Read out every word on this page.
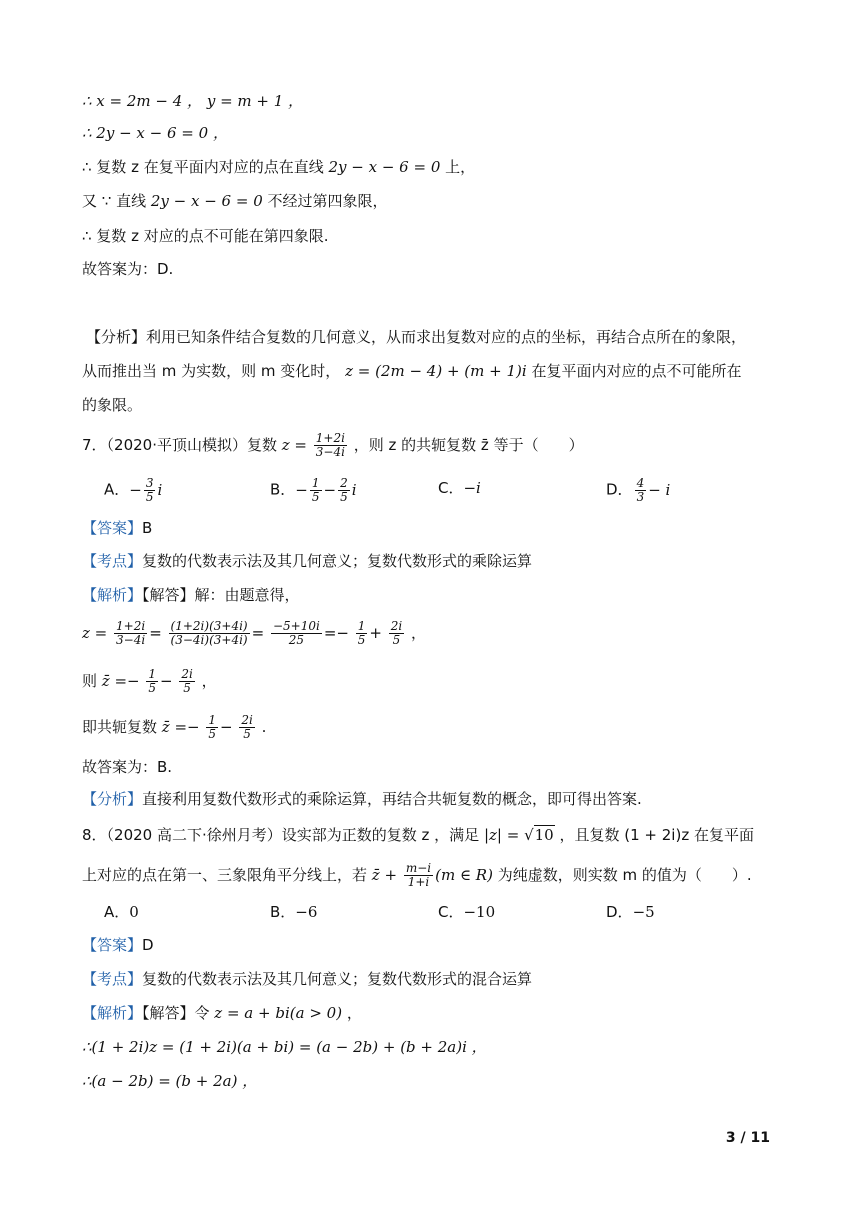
∴ x = 2m − 4 ， y = m + 1 ，
∴ 2y − x − 6 = 0 ，
∴ 复数 z 在复平面内对应的点在直线 2y − x − 6 = 0 上，
又 ∵ 直线 2y − x − 6 = 0 不经过第四象限，
∴ 复数 z 对应的点不可能在第四象限.
故答案为：D.
【分析】利用已知条件结合复数的几何意义，从而求出复数对应的点的坐标，再结合点所在的象限，
从而推出当 m 为实数，则 m 变化时， z = (2m − 4) + (m + 1)i 在复平面内对应的点不可能所在
的象限。
7．（2020·平顶山模拟）复数 $z = \frac{1+2i}{3-4i}$ ，则 z 的共轭复数 z̄ 等于（　　）
A．− $\frac{3}{5}$ i	B．− $\frac{1}{5} - \frac{2}{5}$ i	C．−i	D． $\frac{4}{3} - i$
【答案】B
【考点】复数的代数表示法及其几何意义；复数代数形式的乘除运算
【解析】【解答】解：由题意得，
$z = \frac{1+2i}{3-4i} = \frac{(1+2i)(3+4i)}{(3-4i)(3+4i)} = \frac{-5+10i}{25} =- \frac{1}{5} + \frac{2i}{5}$ ，
则 z̄ =− $\frac{1}{5} - \frac{2i}{5}$ ，
即共轭复数 z̄ =− $\frac{1}{5} - \frac{2i}{5}$ .
故答案为：B.
【分析】直接利用复数代数形式的乘除运算，再结合共轭复数的概念，即可得出答案.
8．（2020 高二下·徐州月考）设实部为正数的复数 z ，满足 |z| = √10 ，且复数 (1 + 2i)z 在复平面
上对应的点在第一、三象限角平分线上，若 z̄ + $\frac{m-i}{1+i} (m$ ∈ R) 为纯虚数，则实数 m 的值为（　　）.
A．0	B．−6	C．−10	D．−5
【答案】D
【考点】复数的代数表示法及其几何意义；复数代数形式的混合运算
【解析】【解答】令 z = a + bi(a > 0) ，
∴(1 + 2i)z = (1 + 2i)(a + bi) = (a − 2b) + (b + 2a)i ，
∴(a − 2b) = (b + 2a) ，
3 / 11
